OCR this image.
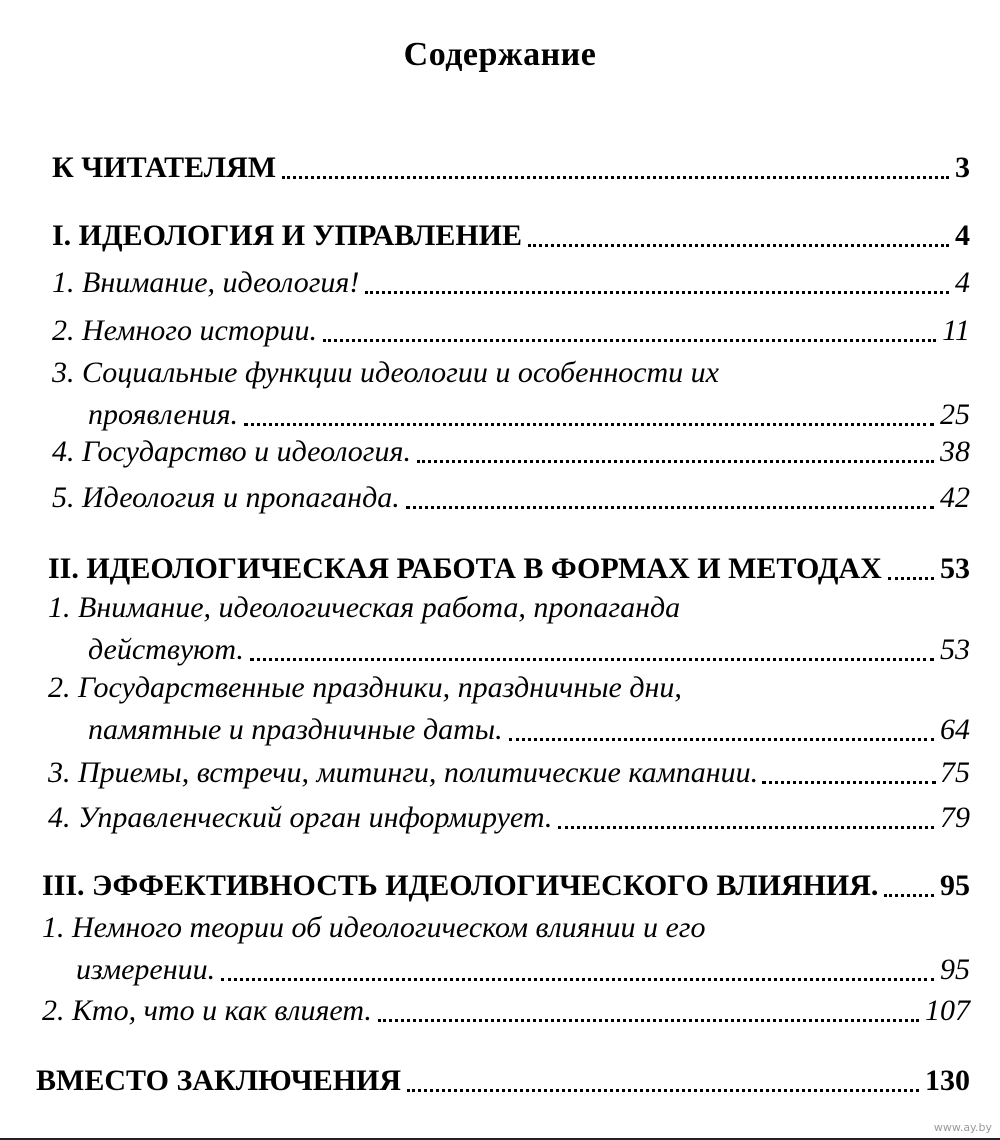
Содержание
К ЧИТАТЕЛЯМ	3
I. ИДЕОЛОГИЯ И УПРАВЛЕНИЕ	4
1. Внимание, идеология!	4
2. Немного истории.	11
3. Социальные функции идеологии и особенности их
проявления.	25
4. Государство и идеология.	38
5. Идеология и пропаганда.	42
II. ИДЕОЛОГИЧЕСКАЯ РАБОТА В ФОРМАХ И МЕТОДАХ 53
1. Внимание, идеологическая работа, пропаганда
действуют.	53
2. Государственные праздники, праздничные дни,
памятные и праздничные даты.	64
3. Приемы, встречи, митинги, политические кампании.	75
4. Управленческий орган информирует.	79
III. ЭФФЕКТИВНОСТЬ ИДЕОЛОГИЧЕСКОГО ВЛИЯНИЯ. 95
1. Немного теории об идеологическом влиянии и его
измерении.	95
2. Кто, что и как влияет.	107
ВМЕСТО ЗАКЛЮЧЕНИЯ	130
www.ay.by
